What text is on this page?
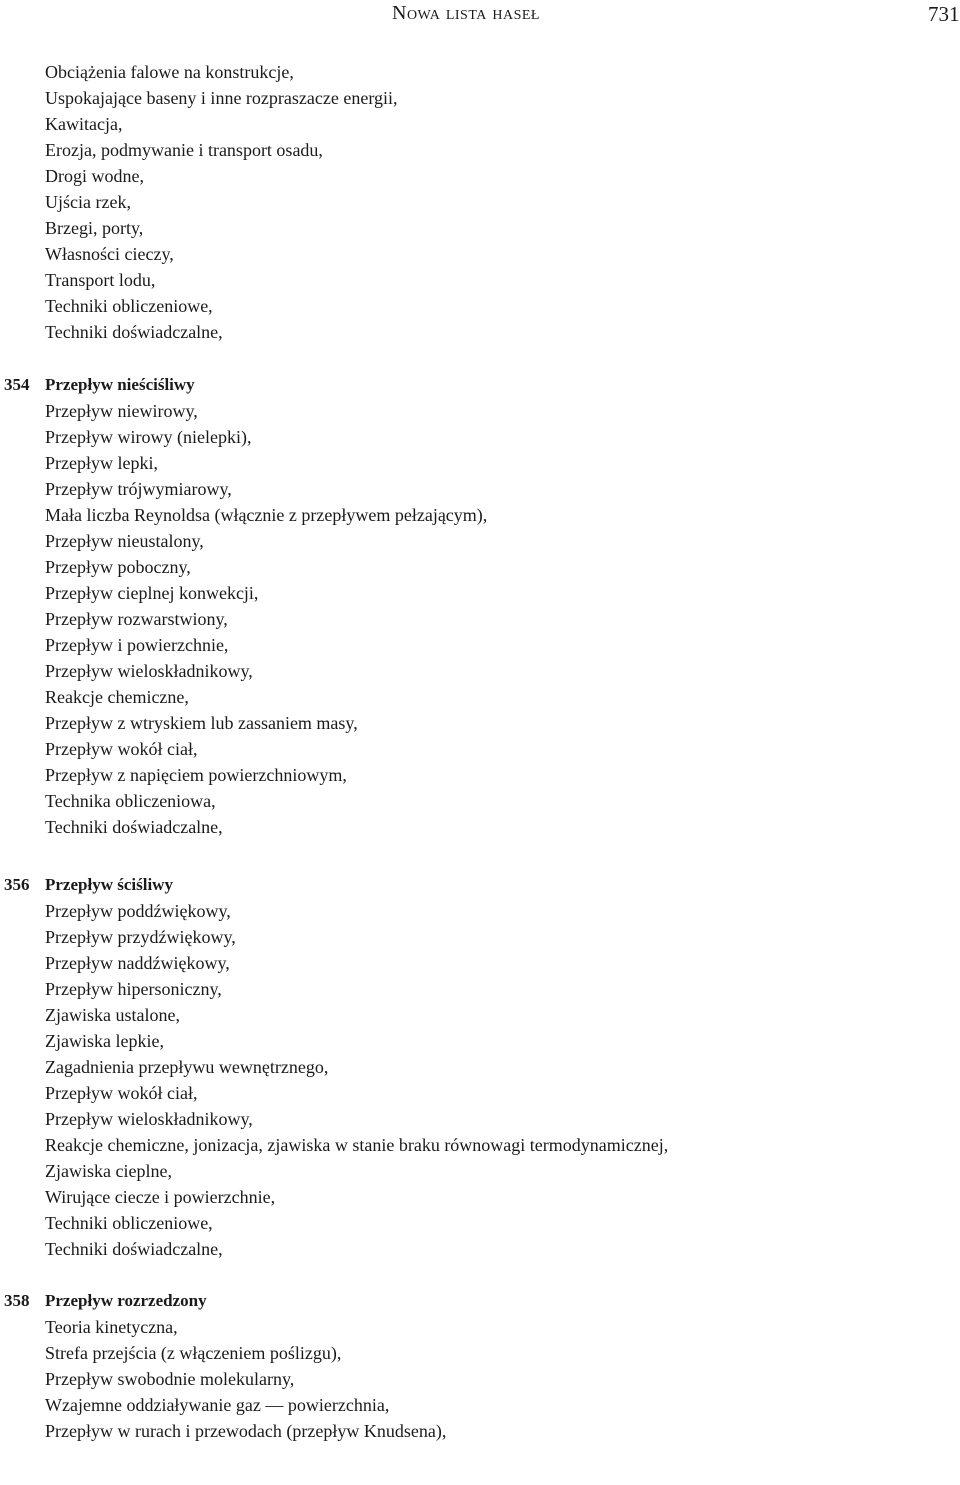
Nowa lista haseł	731
Obciążenia falowe na konstrukcje,
Uspokajające baseny i inne rozpraszacze energii,
Kawitacja,
Erozja, podmywanie i transport osadu,
Drogi wodne,
Ujścia rzek,
Brzegi, porty,
Własności cieczy,
Transport lodu,
Techniki obliczeniowe,
Techniki doświadczalne,
354 Przepływ nieściśliwy
Przepływ niewirowy,
Przepływ wirowy (nielepki),
Przepływ lepki,
Przepływ trójwymiarowy,
Mała liczba Reynoldsa (włącznie z przepływem pełzającym),
Przepływ nieustalony,
Przepływ poboczny,
Przepływ cieplnej konwekcji,
Przepływ rozwarstwiony,
Przepływ i powierzchnie,
Przepływ wieloskładnikowy,
Reakcje chemiczne,
Przepływ z wtryskiem lub zassaniem masy,
Przepływ wokół ciał,
Przepływ z napięciem powierzchniowym,
Technika obliczeniowa,
Techniki doświadczalne,
356 Przepływ ściśliwy
Przepływ poddźwiękowy,
Przepływ przydźwiękowy,
Przepływ naddźwiękowy,
Przepływ hipersoniczny,
Zjawiska ustalone,
Zjawiska lepkie,
Zagadnienia przepływu wewnętrznego,
Przepływ wokół ciał,
Przepływ wieloskładnikowy,
Reakcje chemiczne, jonizacja, zjawiska w stanie braku równowagi termodynamicznej,
Zjawiska cieplne,
Wirujące ciecze i powierzchnie,
Techniki obliczeniowe,
Techniki doświadczalne,
358 Przepływ rozrzedzony
Teoria kinetyczna,
Strefa przejścia (z włączeniem poślizgu),
Przepływ swobodnie molekularny,
Wzajemne oddziaływanie gaz — powierzchnia,
Przepływ w rurach i przewodach (przepływ Knudsena),
